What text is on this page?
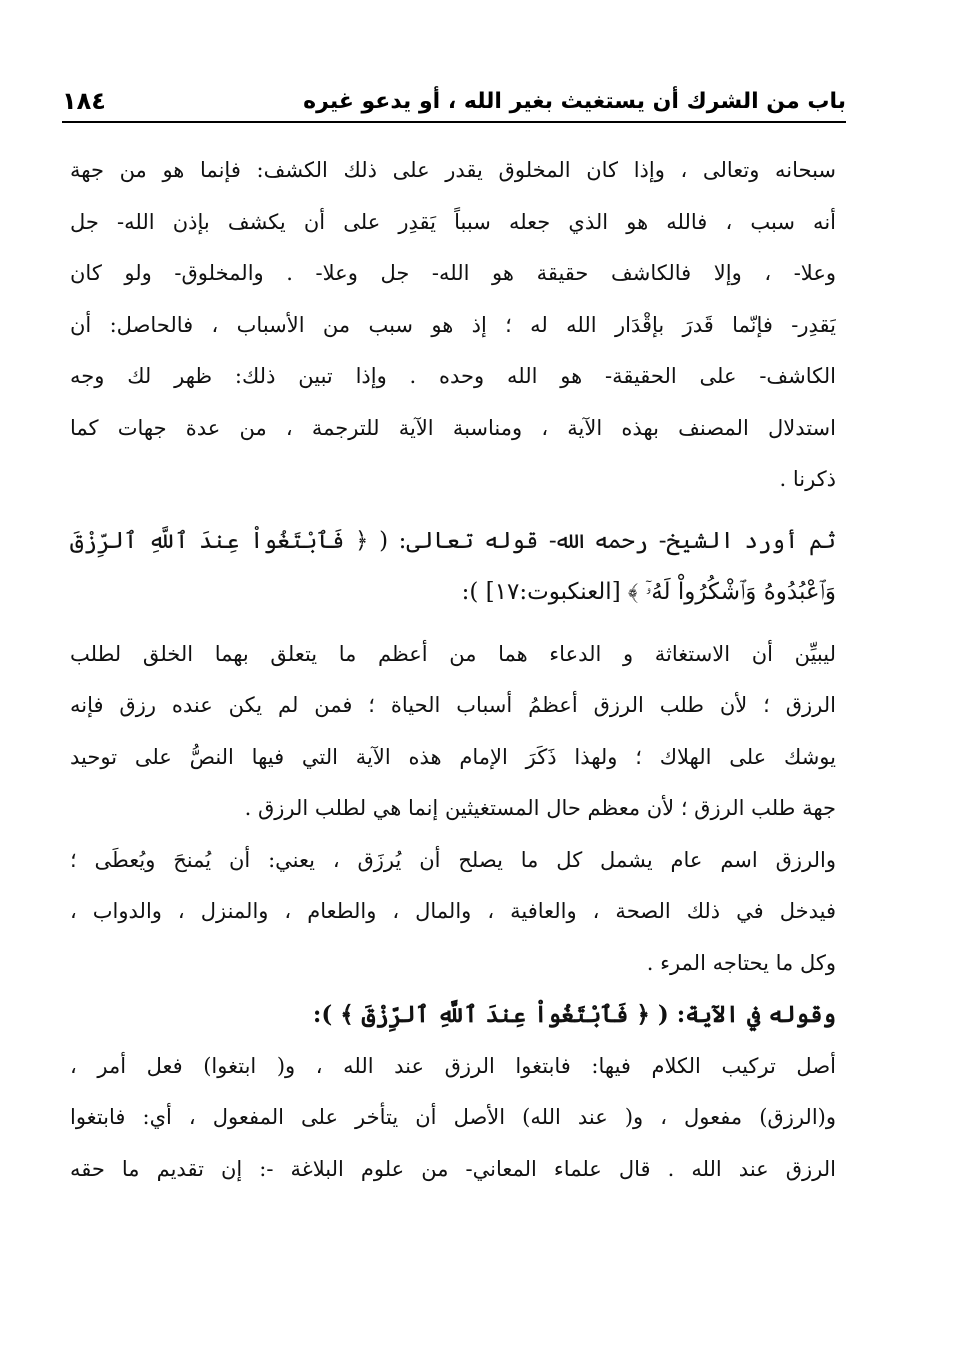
باب من الشرك أن يستغيث بغير الله ، أو يدعو غيره
١٨٤
سبحانه وتعالى ، وإذا كان المخلوق يقدر على ذلك الكشف: فإنما هو من جهة
أنه سبب ، فالله هو الذي جعله سبباً يَقدِر على أن يكشف بإذن الله- جل
وعلا- ، وإلا فالكاشف حقيقة هو الله- جل وعلا- . والمخلوق- ولو كان
يَقدِر- فإنّما قَدرَ بإقْدَار الله له ؛ إذ هو سبب من الأسباب ، فالحاصل: أن
الكاشف- على الحقيقة- هو الله وحده . وإذا تبين ذلك: ظهر لك وجه
استدلال المصنف بهذه الآية ، ومناسبة الآية للترجمة ، من عدة جهات كما
ذكرنا .
ثم أورد الشيخ- رحمه الله- قوله تعالى: ( ﴿ فَٱبْتَغُواْ عِندَ ٱللَّهِ ٱلرِّزْقَ
وَٱعْبُدُوهُ وَٱشْكُرُواْ لَهُۥٓ ﴾ [العنكبوت:١٧] ):
ليبيِّن أن الاستغاثة و الدعاء هما من أعظم ما يتعلق بهما الخلق لطلب
الرزق ؛ لأن طلب الرزق أعظمُ أسباب الحياة ؛ فمن لم يكن عنده رزق فإنه
يوشك على الهلاك ؛ ولهذا ذَكَرَ الإمام هذه الآية التي فيها النصُّ على توحيد
جهة طلب الرزق ؛ لأن معظم حال المستغيثين إنما هي لطلب الرزق .
والرزق اسم عام يشمل كل ما يصلح أن يُرزَق ، يعني: أن يُمنحَ ويُعطَى ؛
فيدخل في ذلك الصحة ، والعافية ، والمال ، والطعام ، والمنزل ، والدواب ،
وكل ما يحتاجه المرء .
وقوله في الآية: ( ﴿ فَٱبْتَغُواْ عِندَ ٱللَّهِ ٱلرِّزْقَ ﴾ ):
أصل تركيب الكلام فيها: فابتغوا الرزق عند الله ، و( ابتغوا) فعل أمر ،
و(الرزق) مفعول ، و( عند الله) الأصل أن يتأخر على المفعول ، أي: فابتغوا
الرزق عند الله . قال علماء المعاني- من علوم البلاغة -: إن تقديم ما حقه
